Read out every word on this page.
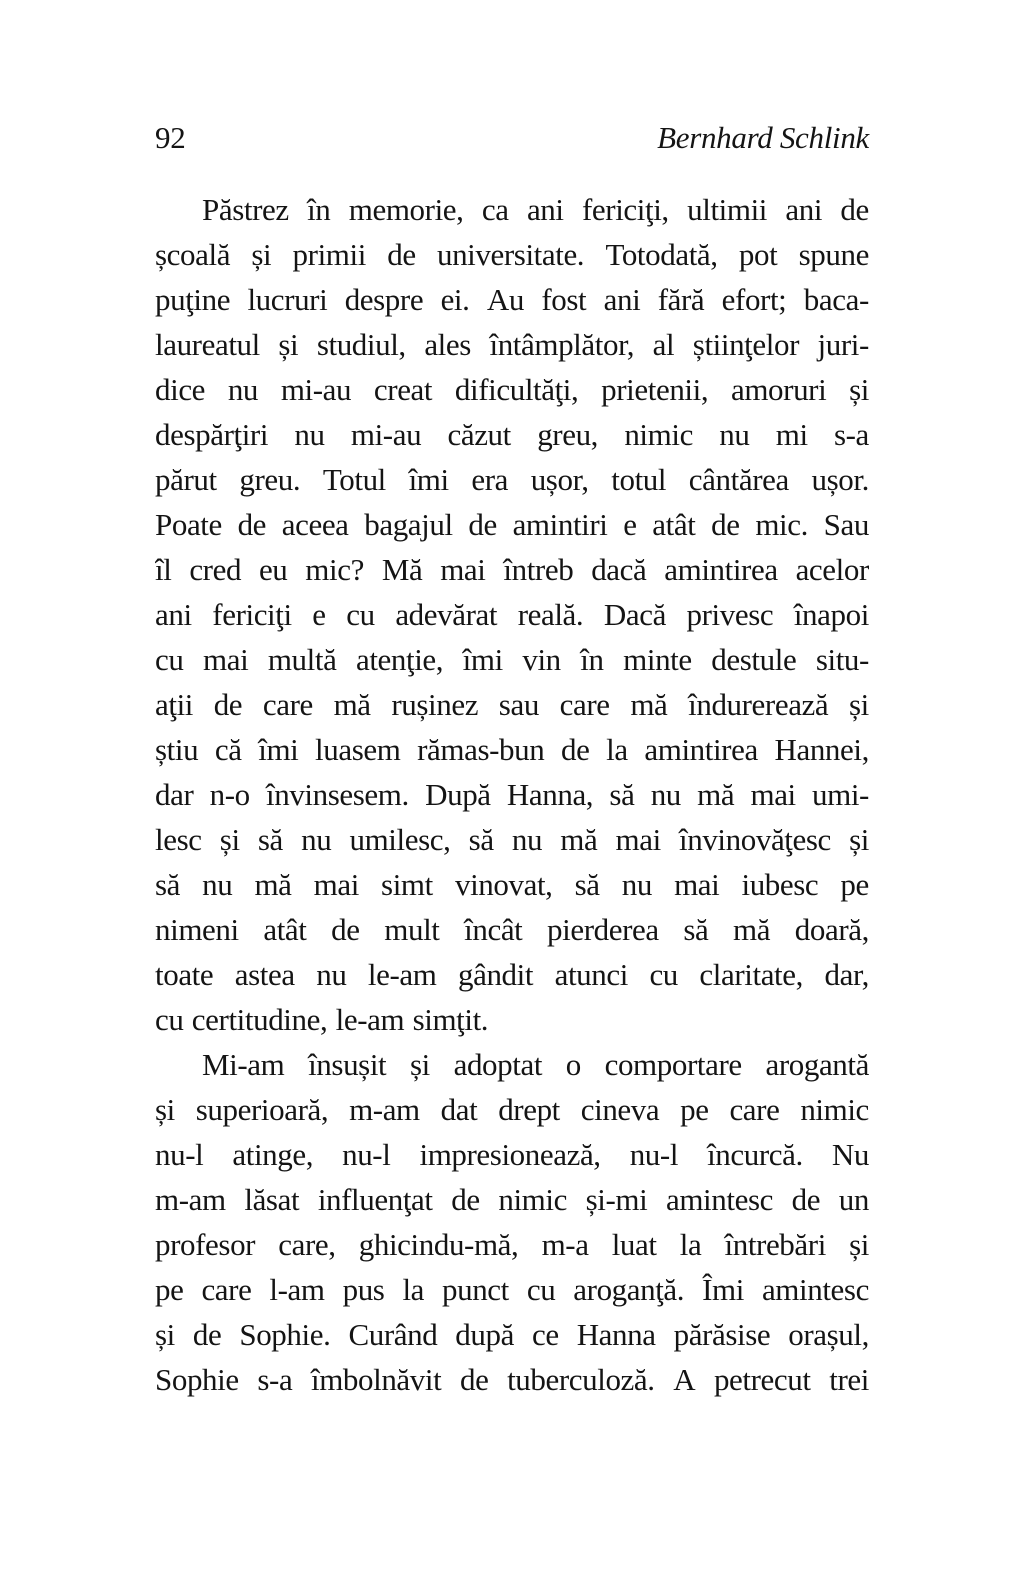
92	Bernhard Schlink
Păstrez în memorie, ca ani fericiţi, ultimii ani de
școală și primii de universitate. Totodată, pot spune
puţine lucruri despre ei. Au fost ani fără efort; baca-
laureatul și studiul, ales întâmplător, al știinţelor juri-
dice nu mi-au creat dificultăţi, prietenii, amoruri și
despărţiri nu mi-au căzut greu, nimic nu mi s-a
părut greu. Totul îmi era ușor, totul cântărea ușor.
Poate de aceea bagajul de amintiri e atât de mic. Sau
îl cred eu mic? Mă mai întreb dacă amintirea acelor
ani fericiţi e cu adevărat reală. Dacă privesc înapoi
cu mai multă atenţie, îmi vin în minte destule situ-
aţii de care mă rușinez sau care mă îndurerează și
știu că îmi luasem rămas-bun de la amintirea Hannei,
dar n-o învinsesem. După Hanna, să nu mă mai umi-
lesc și să nu umilesc, să nu mă mai învinovăţesc și
să nu mă mai simt vinovat, să nu mai iubesc pe
nimeni atât de mult încât pierderea să mă doară,
toate astea nu le-am gândit atunci cu claritate, dar,
cu certitudine, le-am simţit.
Mi-am însușit și adoptat o comportare arogantă
și superioară, m-am dat drept cineva pe care nimic
nu-l atinge, nu-l impresionează, nu-l încurcă. Nu
m-am lăsat influenţat de nimic și-mi amintesc de un
profesor care, ghicindu-mă, m-a luat la întrebări și
pe care l-am pus la punct cu aroganţă. Îmi amintesc
și de Sophie. Curând după ce Hanna părăsise orașul,
Sophie s-a îmbolnăvit de tuberculoză. A petrecut trei
